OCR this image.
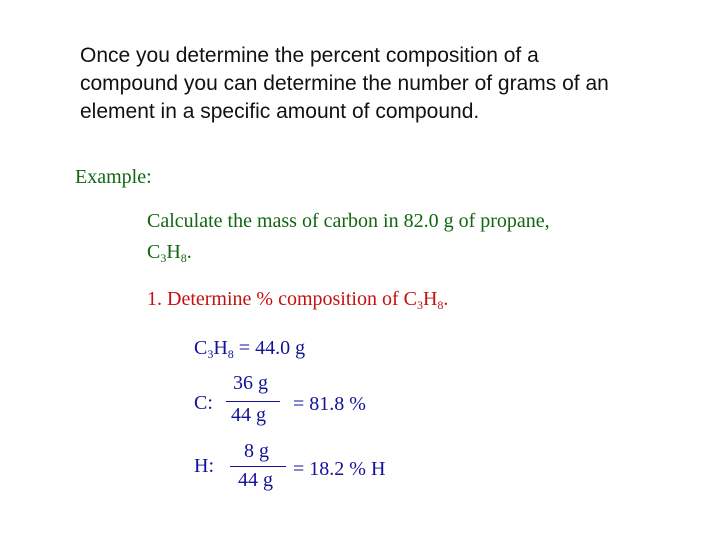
Once you determine the percent composition of a
compound you can determine the number of grams of an
element in a specific amount of compound.
Example:
Calculate the mass of carbon in 82.0 g of propane,
$C_3H_8$.
1. Determine % composition of $C_3H_8$.
$C_3H_8 = 44.0$ g
C:
36 g
44 g = 81.8 %
H:
8 g
44 g = 18.2 % H
